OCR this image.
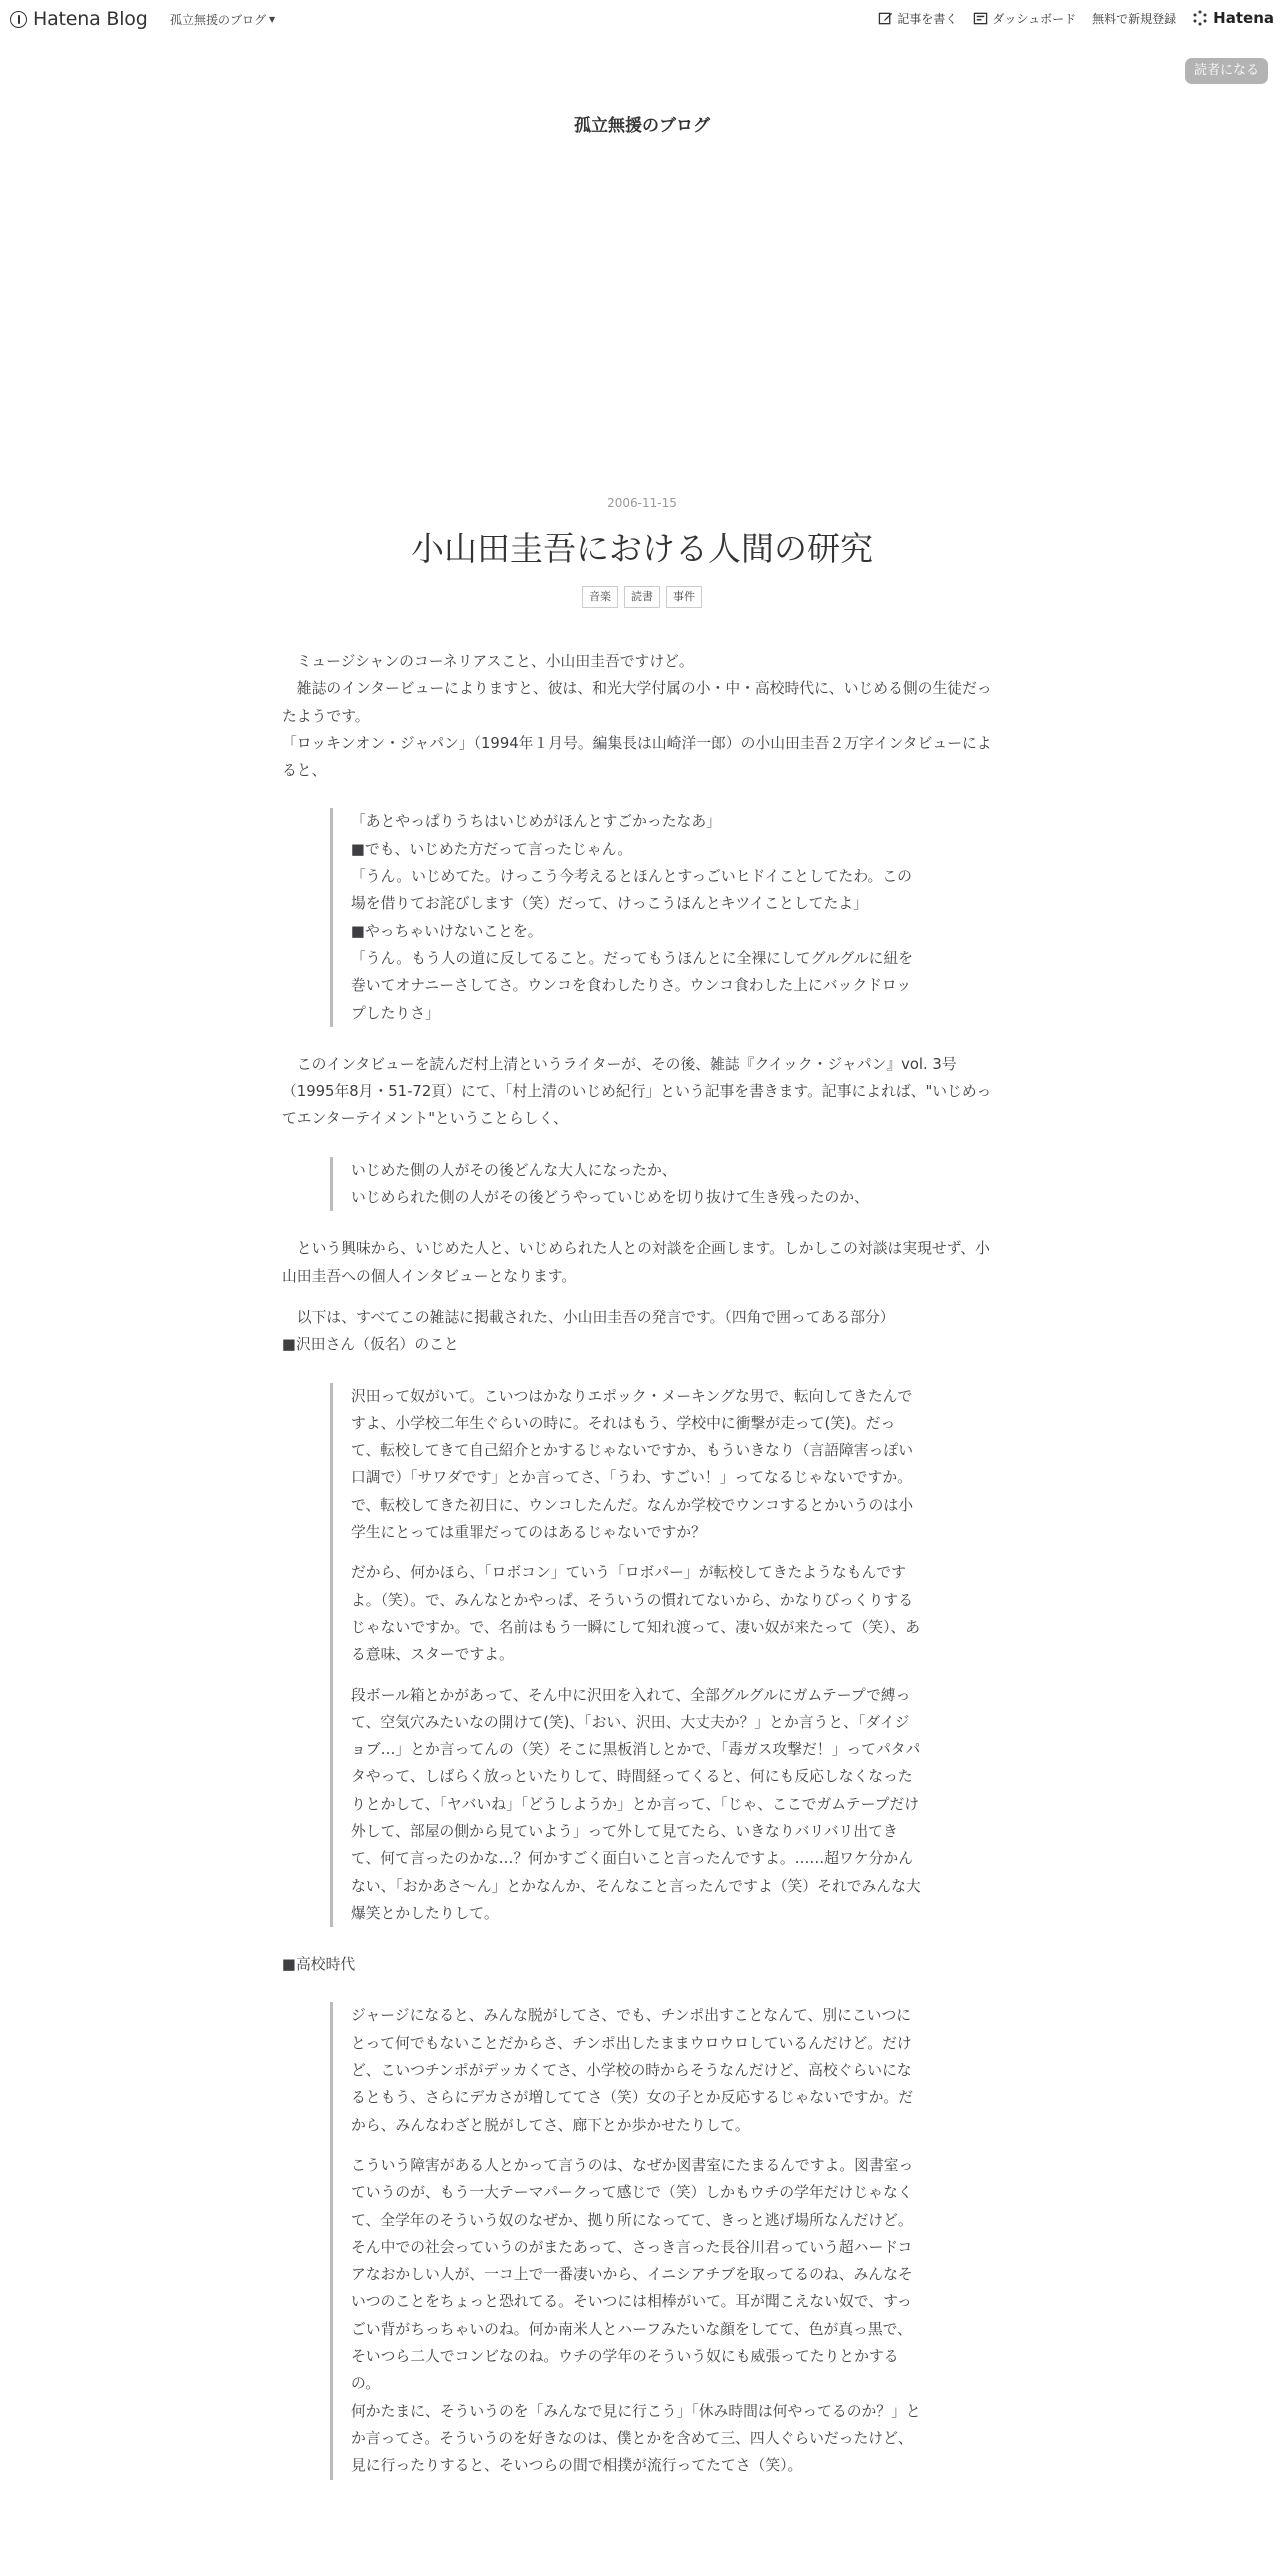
Hatena Blog 孤立無援のブログ ▼	記事を書く	ダッシュボード 無料で新規登録 Hatena
読者になる
孤立無援のブログ
2006-11-15
小山田圭吾における人間の研究
音楽	読書	事件

　ミュージシャンのコーネリアスこと、小山田圭吾ですけど。

　雑誌のインタービューによりますと、彼は、和光大学付属の小・中・高校時代に、いじめる側の生徒だったようです。

「ロッキンオン・ジャパン」（1994年１月号。編集長は山崎洋一郎）の小山田圭吾２万字インタビューによると、

「あとやっぱりうちはいじめがほんとすごかったなあ」

■でも、いじめた方だって言ったじゃん。

「うん。いじめてた。けっこう今考えるとほんとすっごいヒドイことしてたわ。この場を借りてお詫びします（笑）だって、けっこうほんとキツイことしてたよ」

■やっちゃいけないことを。

「うん。もう人の道に反してること。だってもうほんとに全裸にしてグルグルに紐を巻いてオナニーさしてさ。ウンコを食わしたりさ。ウンコ食わした上にバックドロップしたりさ」

　このインタビューを読んだ村上清というライターが、その後、雑誌『クイック・ジャパン』vol. 3号（1995年8月・51-72頁）にて、「村上清のいじめ紀行」という記事を書きます。記事によれば、"いじめってエンターテイメント"ということらしく、

いじめた側の人がその後どんな大人になったか、

いじめられた側の人がその後どうやっていじめを切り抜けて生き残ったのか、

　という興味から、いじめた人と、いじめられた人との対談を企画します。しかしこの対談は実現せず、小山田圭吾への個人インタビューとなります。

　以下は、すべてこの雑誌に掲載された、小山田圭吾の発言です。（四角で囲ってある部分）

■沢田さん（仮名）のこと

沢田って奴がいて。こいつはかなりエポック・メーキングな男で、転向してきたんですよ、小学校二年生ぐらいの時に。それはもう、学校中に衝撃が走って(笑)。だって、転校してきて自己紹介とかするじゃないですか、もういきなり（言語障害っぽい口調で）「サワダです」とか言ってさ、「うわ、すごい！」ってなるじゃないですか。で、転校してきた初日に、ウンコしたんだ。なんか学校でウンコするとかいうのは小学生にとっては重罪だってのはあるじゃないですか？

だから、何かほら、「ロボコン」ていう「ロボパー」が転校してきたようなもんですよ。（笑）。で、みんなとかやっぱ、そういうの慣れてないから、かなりびっくりするじゃないですか。で、名前はもう一瞬にして知れ渡って、凄い奴が来たって（笑）、ある意味、スターですよ。

段ボール箱とかがあって、そん中に沢田を入れて、全部グルグルにガムテープで縛って、空気穴みたいなの開けて(笑)、「おい、沢田、大丈夫か？」とか言うと、「ダイジョブ…」とか言ってんの（笑）そこに黒板消しとかで、「毒ガス攻撃だ！」ってパタパタやって、しばらく放っといたりして、時間経ってくると、何にも反応しなくなったりとかして、「ヤバいね」「どうしようか」とか言って、「じゃ、ここでガムテープだけ外して、部屋の側から見ていよう」って外して見てたら、いきなりバリバリ出てきて、何て言ったのかな…？何かすごく面白いこと言ったんですよ。……超ワケ分かんない、「おかあさ〜ん」とかなんか、そんなこと言ったんですよ（笑）それでみんな大爆笑とかしたりして。

■高校時代

ジャージになると、みんな脱がしてさ、でも、チンポ出すことなんて、別にこいつにとって何でもないことだからさ、チンポ出したままウロウロしているんだけど。だけど、こいつチンポがデッカくてさ、小学校の時からそうなんだけど、高校ぐらいになるともう、さらにデカさが増しててさ（笑）女の子とか反応するじゃないですか。だから、みんなわざと脱がしてさ、廊下とか歩かせたりして。

こういう障害がある人とかって言うのは、なぜか図書室にたまるんですよ。図書室っていうのが、もう一大テーマパークって感じで（笑）しかもウチの学年だけじゃなくて、全学年のそういう奴のなぜか、拠り所になってて、きっと逃げ場所なんだけど。そん中での社会っていうのがまたあって、さっき言った長谷川君っていう超ハードコアなおかしい人が、一コ上で一番凄いから、イニシアチブを取ってるのね、みんなそいつのことをちょっと恐れてる。そいつには相棒がいて。耳が聞こえない奴で、すっごい背がちっちゃいのね。何か南米人とハーフみたいな顔をしてて、色が真っ黒で、そいつら二人でコンビなのね。ウチの学年のそういう奴にも威張ってたりとかするの。

何かたまに、そういうのを「みんなで見に行こう」「休み時間は何やってるのか？」とか言ってさ。そういうのを好きなのは、僕とかを含めて三、四人ぐらいだったけど、見に行ったりすると、そいつらの間で相撲が流行ってたてさ（笑）。
